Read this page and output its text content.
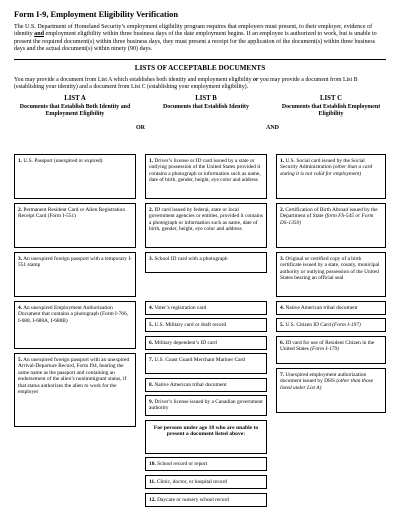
Form I-9, Employment Eligibility Verification

The U.S. Department of Homeland Security’s employment eligibility program requires that employers must present, to their employer, evidence of identity and employment eligibility within three business days of the date employment begins. If an employee is authorized to work, but is unable to present the required document(s) within three business days, they must present a receipt for the application of the document(s) within three business days and the actual document(s) within ninety (90) days.

LISTS OF ACCEPTABLE DOCUMENTS

You may provide a document from List A which establishes both identity and employment eligibility or you may provide a document from List B (establishing your identity) and a document from List C (establishing your employment eligibility).

LIST A
Documents that Establish Both Identity and Employment Eligibility
OR
LIST B
Documents that Establish Identity
AND
LIST C
Documents that Establish Employment Eligibility
1. U.S. Passport (unexpired or expired)
2. Permanent Resident Card or Alien Registration Receipt Card (Form I-551)
3. An unexpired foreign passport with a temporary I-551 stamp
4. An unexpired Employment Authorization Document that contains a photograph (Form I-766, I-688, I-688A, I-688B)
5. An unexpired foreign passport with an unexpired Arrival-Departure Record, Form I94, bearing the same name as the passport and containing an endorsement of the alien’s nonimmigrant status, if that status authorizes the alien to work for the employer
1. Driver’s license or ID card issued by a state or outlying possession of the United States provided it contains a photograph or information such as name, date of birth, gender, height, eye color and address
2. ID card issued by federal, state or local government agencies or entities, provided it contains a photograph or information such as name, date of birth, gender, height, eye color and address
3. School ID card with a photograph
4. Voter’s registration card
5. U.S. Military card or draft record
6. Military dependent’s ID card
7. U.S. Coast Guard Merchant Mariner Card
8. Native American tribal document
9. Driver’s license issued by a Canadian government authority
For persons under age 18 who are unable to present a document listed above:
10. School record or report
11. Clinic, doctor, or hospital record
12. Daycare or nursery school record
1. U.S. Social card issued by the Social Security Administration (other than a card stating it is not valid for employment)
2. Certification of Birth Abroad issued by the Department of State (form FS-545 or Form DS-1350)
3. Original or certified copy of a birth certificate issued by a state, county, municipal authority or outlying possession of the United States bearing an official seal
4. Native American tribal document
5. U.S. Citizen ID Card (Form I-197)
6. ID card for use of Resident Citizen in the United States (Form I-179)
7. Unexpired employment authorization document issued by DHS (other than those listed under List A)
